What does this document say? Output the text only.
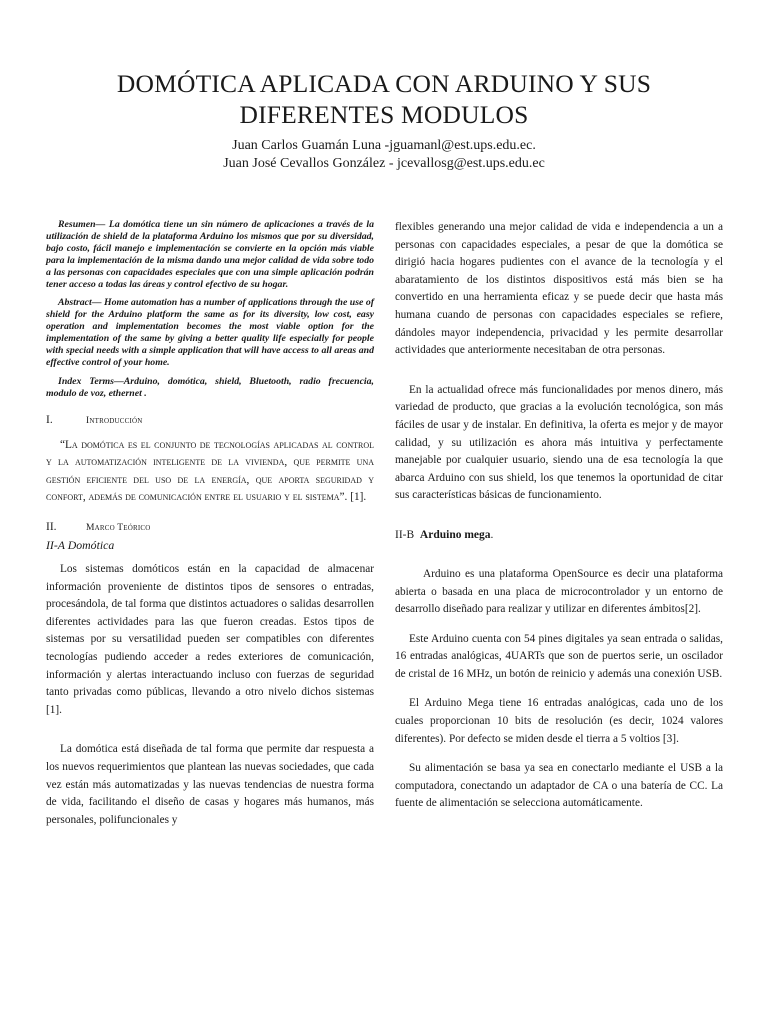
DOMÓTICA APLICADA CON ARDUINO Y SUS DIFERENTES MODULOS
Juan Carlos Guamán Luna -jguamanl@est.ups.edu.ec.
Juan José Cevallos González - jcevallosg@est.ups.edu.ec

Resumen— La domótica tiene un sin número de aplicaciones a través de la utilización de shield de la plataforma Arduino los mismos que por su diversidad, bajo costo, fácil manejo e implementación se convierte en la opción más viable para la implementación de la misma dando una mejor calidad de vida sobre todo a las personas con capacidades especiales que con una simple aplicación podrán tener acceso a todas las áreas y control efectivo de su hogar.

Abstract— Home automation has a number of applications through the use of shield for the Arduino platform the same as for its diversity, low cost, easy operation and implementation becomes the most viable option for the implementation of the same by giving a better quality life especially for people with special needs with a simple application that will have access to all areas and effective control of your home.

Index Terms—Arduino, domótica, shield, Bluetooth, radio frecuencia, modulo de voz, ethernet .

I.	Introducción

“La domótica es el conjunto de tecnologías aplicadas al control y la automatización inteligente de la vivienda, que permite una gestión eficiente del uso de la energía, que aporta seguridad y confort, además de comunicación entre el usuario y el sistema”. [1].

II.	Marco Teórico

II-A Domótica

Los sistemas domóticos están en la capacidad de almacenar información proveniente de distintos tipos de sensores o entradas, procesándola, de tal forma que distintos actuadores o salidas desarrollen diferentes actividades para las que fueron creadas. Estos tipos de sistemas por su versatilidad pueden ser compatibles con diferentes tecnologías pudiendo acceder a redes exteriores de comunicación, información y alertas interactuando incluso con fuerzas de seguridad tanto privadas como públicas, llevando a otro nivelo dichos sistemas [1].

La domótica está diseñada de tal forma que permite dar respuesta a los nuevos requerimientos que plantean las nuevas sociedades, que cada vez están más automatizadas y las nuevas tendencias de nuestra forma de vida, facilitando el diseño de casas y hogares más humanos, más personales, polifuncionales y

flexibles generando una mejor calidad de vida e independencia a un a personas con capacidades especiales, a pesar de que la domótica se dirigió hacia hogares pudientes con el avance de la tecnología y el abaratamiento de los distintos dispositivos está más bien se ha convertido en una herramienta eficaz y se puede decir que hasta más humana cuando de personas con capacidades especiales se refiere, dándoles mayor independencia, privacidad y les permite desarrollar actividades que anteriormente necesitaban de otra personas.

En la actualidad ofrece más funcionalidades por menos dinero, más variedad de producto, que gracias a la evolución tecnológica, son más fáciles de usar y de instalar. En definitiva, la oferta es mejor y de mayor calidad, y su utilización es ahora más intuitiva y perfectamente manejable por cualquier usuario, siendo una de esa tecnología la que abarca Arduino con sus shield, los que tenemos la oportunidad de citar sus características básicas de funcionamiento.

II-B Arduino mega.

Arduino es una plataforma OpenSource es decir una plataforma abierta o basada en una placa de microcontrolador y un entorno de desarrollo diseñado para realizar y utilizar en diferentes ámbitos[2].

Este Arduino cuenta con 54 pines digitales ya sean entrada o salidas, 16 entradas analógicas, 4UARTs que son de puertos serie, un oscilador de cristal de 16 MHz, un botón de reinicio y además una conexión USB.

El Arduino Mega tiene 16 entradas analógicas, cada uno de los cuales proporcionan 10 bits de resolución (es decir, 1024 valores diferentes). Por defecto se miden desde el tierra a 5 voltios [3].

Su alimentación se basa ya sea en conectarlo mediante el USB a la computadora, conectando un adaptador de CA o una batería de CC. La fuente de alimentación se selecciona automáticamente.
